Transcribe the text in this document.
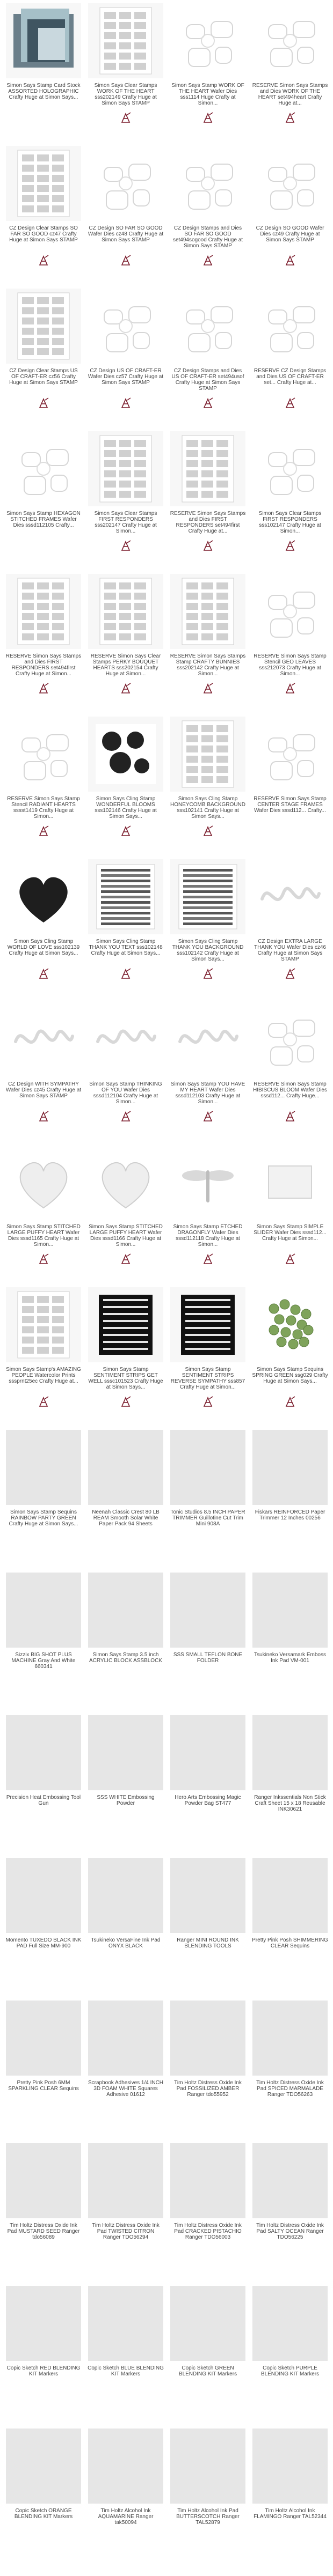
Simon Says Stamp Card Stock ASSORTED HOLOGRAPHIC Crafty Huge at Simon Says...
Simon Says Clear Stamps WORK OF THE HEART sss202149 Crafty Huge at Simon Says STAMP
Simon Says Stamp WORK OF THE HEART Wafer Dies sss1114 Huge Crafty at Simon...
RESERVE Simon Says Stamps and Dies WORK OF THE HEART set494heart Crafty Huge at...
CZ Design Clear Stamps SO FAR SO GOOD cz47 Crafty Huge at Simon Says STAMP
CZ Design SO FAR SO GOOD Wafer Dies cz48 Crafty Huge at Simon Says STAMP
CZ Design Stamps and Dies SO FAR SO GOOD set494sogood Crafty Huge at Simon Says STAMP
CZ Design SO GOOD Wafer Dies cz49 Crafty Huge at Simon Says STAMP
CZ Design Clear Stamps US OF CRAFT-ER cz56 Crafty Huge at Simon Says STAMP
CZ Design US OF CRAFT-ER Wafer Dies cz57 Crafty Huge at Simon Says STAMP
CZ Design Stamps and Dies US OF CRAFT-ER set494usof Crafty Huge at Simon Says STAMP
RESERVE CZ Design Stamps and Dies US OF CRAFT-ER set... Crafty Huge at...
Simon Says Stamp HEXAGON STITCHED FRAMES Wafer Dies sssd112105 Crafty...
Simon Says Clear Stamps FIRST RESPONDERS sss202147 Crafty Huge at Simon...
RESERVE Simon Says Stamps and Dies FIRST RESPONDERS set494first Crafty Huge at...
Simon Says Clear Stamps FIRST RESPONDERS sss102147 Crafty Huge at Simon...
RESERVE Simon Says Stamps and Dies FIRST RESPONDERS set494first Crafty Huge at Simon...
RESERVE Simon Says Clear Stamps PERKY BOUQUET HEARTS sss202154 Crafty Huge at Simon...
RESERVE Simon Says Stamps Stamp CRAFTY BUNNIES sss202142 Crafty Huge at Simon...
RESERVE Simon Says Stamp Stencil GEO LEAVES sss212073 Crafty Huge at Simon...
RESERVE Simon Says Stamp Stencil RADIANT HEARTS sssst1419 Crafty Huge at Simon...
Simon Says Cling Stamp WONDERFUL BLOOMS sss102146 Crafty Huge at Simon Says...
Simon Says Cling Stamp HONEYCOMB BACKGROUND sss102141 Crafty Huge at Simon Says...
RESERVE Simon Says Stamp CENTER STAGE FRAMES Wafer Dies sssd112... Crafty...
Simon Says Cling Stamp WORLD OF LOVE sss102139 Crafty Huge at Simon Says...
Simon Says Cling Stamp THANK YOU TEXT sss102148 Crafty Huge at Simon Says...
Simon Says Cling Stamp THANK YOU BACKGROUND sss102142 Crafty Huge at Simon Says...
CZ Design EXTRA LARGE THANK YOU Wafer Dies cz46 Crafty Huge at Simon Says STAMP
CZ Design WITH SYMPATHY Wafer Dies cz45 Crafty Huge at Simon Says STAMP
Simon Says Stamp THINKING OF YOU Wafer Dies sssd112104 Crafty Huge at Simon...
Simon Says Stamp YOU HAVE MY HEART Wafer Dies sssd112103 Crafty Huge at Simon...
RESERVE Simon Says Stamp HIBISCUS BLOOM Wafer Dies sssd112... Crafty Huge...
Simon Says Stamp STITCHED LARGE PUFFY HEART Wafer Dies sssd1165 Crafty Huge at Simon...
Simon Says Stamp STITCHED LARGE PUFFY HEART Wafer Dies sssd1166 Crafty Huge at Simon...
Simon Says Stamp ETCHED DRAGONFLY Wafer Dies sssd112118 Crafty Huge at Simon...
Simon Says Stamp SIMPLE SLIDER Wafer Dies sssd112... Crafty Huge at Simon...
Simon Says Stamp's AMAZING PEOPLE Watercolor Prints sssprnt25ec Crafty Huge at...
Simon Says Stamp SENTIMENT STRIPS GET WELL sssc101523 Crafty Huge at Simon Says...
Simon Says Stamp SENTIMENT STRIPS REVERSE SYMPATHY sss857 Crafty Huge at Simon...
Simon Says Stamp Sequins SPRING GREEN ssg029 Crafty Huge at Simon Says...
Simon Says Stamp Sequins RAINBOW PARTY GREEN Crafty Huge at Simon Says...
Neenah Classic Crest 80 LB REAM Smooth Solar White Paper Pack 94 Sheets
Tonic Studios 8.5 INCH PAPER TRIMMER Guillotine Cut Trim Mini 908A
Fiskars REINFORCED Paper Trimmer 12 Inches 00256
Sizzix BIG SHOT PLUS MACHINE Gray And White 660341
Simon Says Stamp 3.5 inch ACRYLIC BLOCK ASSBLOCK
SSS SMALL TEFLON BONE FOLDER
Tsukineko Versamark Emboss Ink Pad VM-001
Precision Heat Embossing Tool Gun
SSS WHITE Embossing Powder
Hero Arts Embossing Magic Powder Bag ST477
Ranger Inkssentials Non Stick Craft Sheet 15 x 18 Reusable INK30621
Momento TUXEDO BLACK INK PAD Full Size MM-900
Tsukineko VersaFine Ink Pad ONYX BLACK
Ranger MINI ROUND INK BLENDING TOOLS
Pretty Pink Posh SHIMMERING CLEAR Sequins
Pretty Pink Posh 6MM SPARKLING CLEAR Sequins
Scrapbook Adhesives 1/4 INCH 3D FOAM WHITE Squares Adhesive 01612
Tim Holtz Distress Oxide Ink Pad FOSSILIZED AMBER Ranger tdo55952
Tim Holtz Distress Oxide Ink Pad SPICED MARMALADE Ranger TDO56263
Tim Holtz Distress Oxide Ink Pad MUSTARD SEED Ranger tdo56089
Tim Holtz Distress Oxide Ink Pad TWISTED CITRON Ranger TDO56294
Tim Holtz Distress Oxide Ink Pad CRACKED PISTACHIO Ranger TDO56003
Tim Holtz Distress Oxide Ink Pad SALTY OCEAN Ranger TDO56225
Copic Sketch RED BLENDING KIT Markers
Copic Sketch BLUE BLENDING KIT Markers
Copic Sketch GREEN BLENDING KIT Markers
Copic Sketch PURPLE BLENDING KIT Markers
Copic Sketch ORANGE BLENDING KIT Markers
Tim Holtz Alcohol Ink AQUAMARINE Ranger tak50094
Tim Holtz Alcohol Ink Pad BUTTERSCOTCH Ranger TAL52879
Tim Holtz Alcohol Ink FLAMINGO Ranger TAL52344
